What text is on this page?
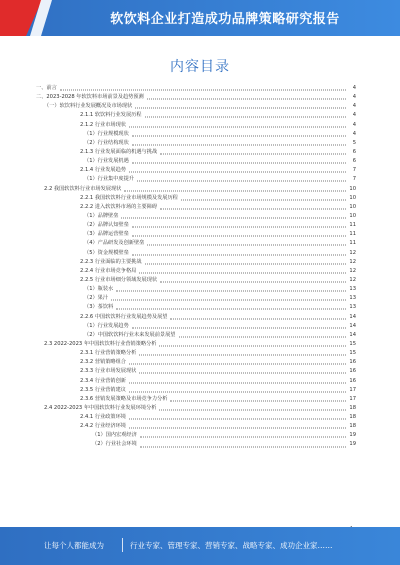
软饮料企业打造成功品牌策略研究报告
内容目录
一、前言	4
二、2023-2028 年软饮料市场前景及趋势预测	4
（一）软饮料行业发展概况及市场现状	4
2.1.1 软饮料行业发展历程	4
2.1.2 行业市场现状	4
（1）行业规模现状	4
（2）行业结构现状	5
2.1.3 行业发展面临的机遇与挑战	6
（1）行业发展机遇	6
2.1.4 行业发展趋势	7
（1）行业集中度提升	7
2.2 我国软饮料行业市场发展现状	10
2.2.1 我国软饮料行业市场规模及发展历程	10
2.2.2 进入软饮料市场的主要障碍	10
（1）品牌壁垒	10
（2）品牌认知壁垒	11
（3）品牌运营壁垒	11
（4）产品研发及创新壁垒	11
（5）资金规模壁垒	12
2.2.3 行业面临的主要挑战	12
2.2.4 行业市场竞争格局	12
2.2.5 行业市场细分领域发展现状	12
（1）瓶装水	13
（2）果汁	13
（3）茶饮料	13
2.2.6 中国软饮料行业发展趋势及展望	14
（1）行业发展趋势	14
（2）中国软饮料行业未来发展前景展望	14
2.3 2022-2023 年中国软饮料行业营销策略分析	15
2.3.1 行业营销策略分析	15
2.3.2 营销策略组合	16
2.3.3 行业市场发展现状	16
2.3.4 行业营销创新	16
2.3.5 行业营销建议	17
2.3.6 营销发展策略及市场竞争力分析	17
2.4 2022-2023 年中国软饮料行业发展环境分析	18
2.4.1 行业政策环境	18
2.4.2 行业经济环境	18
（1）国内宏观经济	19
（2）行业社会环境	19
让每个人都能成为	行业专家、管理专家、营销专家、战略专家、成功企业家……
